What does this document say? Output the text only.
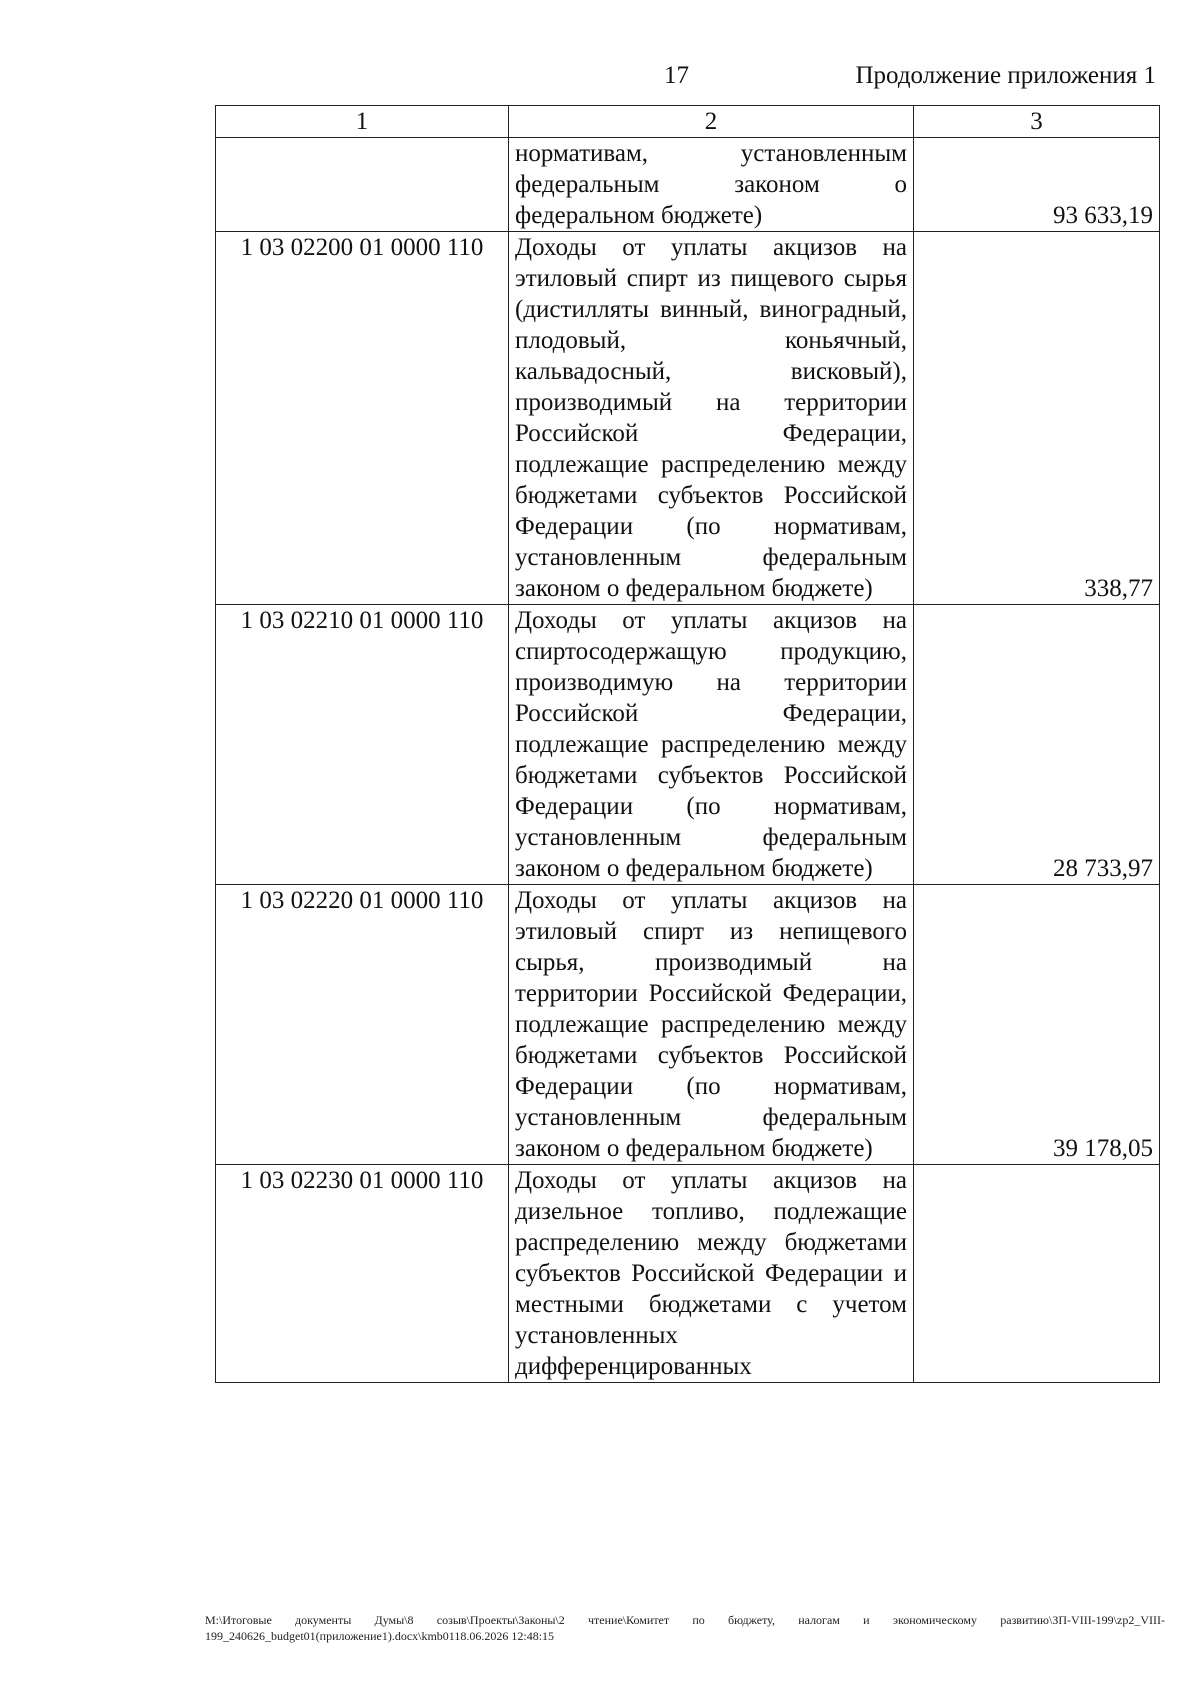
17	Продолжение приложения 1
1	2	3
	нормативам, установленным федеральным законом о федеральном бюджете)	93 633,19
1 03 02200 01 0000 110	Доходы от уплаты акцизов на этиловый спирт из пищевого сырья (дистилляты винный, виноградный, плодовый, коньячный, кальвадосный, висковый), производимый на территории Российской Федерации, подлежащие распределению между бюджетами субъектов Российской Федерации (по нормативам, установленным федеральным законом о федеральном бюджете)	338,77
1 03 02210 01 0000 110	Доходы от уплаты акцизов на спиртосодержащую продукцию, производимую на территории Российской Федерации, подлежащие распределению между бюджетами субъектов Российской Федерации (по нормативам, установленным федеральным законом о федеральном бюджете)	28 733,97
1 03 02220 01 0000 110	Доходы от уплаты акцизов на этиловый спирт из непищевого сырья, производимый на территории Российской Федерации, подлежащие распределению между бюджетами субъектов Российской Федерации (по нормативам, установленным федеральным законом о федеральном бюджете)	39 178,05
1 03 02230 01 0000 110	Доходы от уплаты акцизов на дизельное топливо, подлежащие распределению между бюджетами субъектов Российской Федерации и местными бюджетами с учетом установленных дифференцированных	
M:\Итоговые документы Думы\8 созыв\Проекты\Законы\2 чтение\Комитет по бюджету, налогам и экономическому развитию\ЗП-VIII-199\zp2_VIII-199_240626_budget01(приложение1).docx\kmb0118.06.2026 12:48:15
